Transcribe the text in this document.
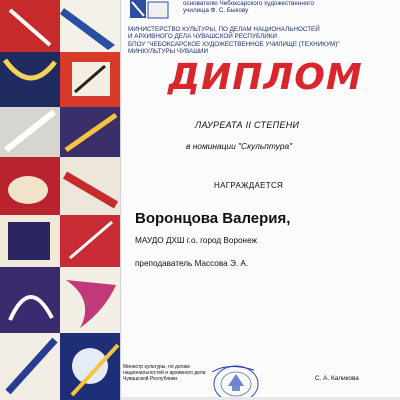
основателю Чебоксарского художественного
училища Ф. С. Быкову
МИНИСТЕРСТВО КУЛЬТУРЫ, ПО ДЕЛАМ НАЦИОНАЛЬНОСТЕЙ
И АРХИВНОГО ДЕЛА ЧУВАШСКОЙ РЕСПУБЛИКИ
БПОУ "ЧЕБОКСАРСКОЕ ХУДОЖЕСТВЕННОЕ УЧИЛИЩЕ (ТЕХНИКУМ)"
МИНКУЛЬТУРЫ ЧУВАШИИ
ДИПЛОМ
ЛАУРЕАТА II СТЕПЕНИ
в номинации "Скульптура"
НАГРАЖДАЕТСЯ
Воронцова Валерия,
МАУДО ДХШ г.о. город Воронеж
преподаватель Массова Э. А.
Министр культуры, по делам
национальностей и архивного дела
Чувашской Республики	С. А. Каликова
